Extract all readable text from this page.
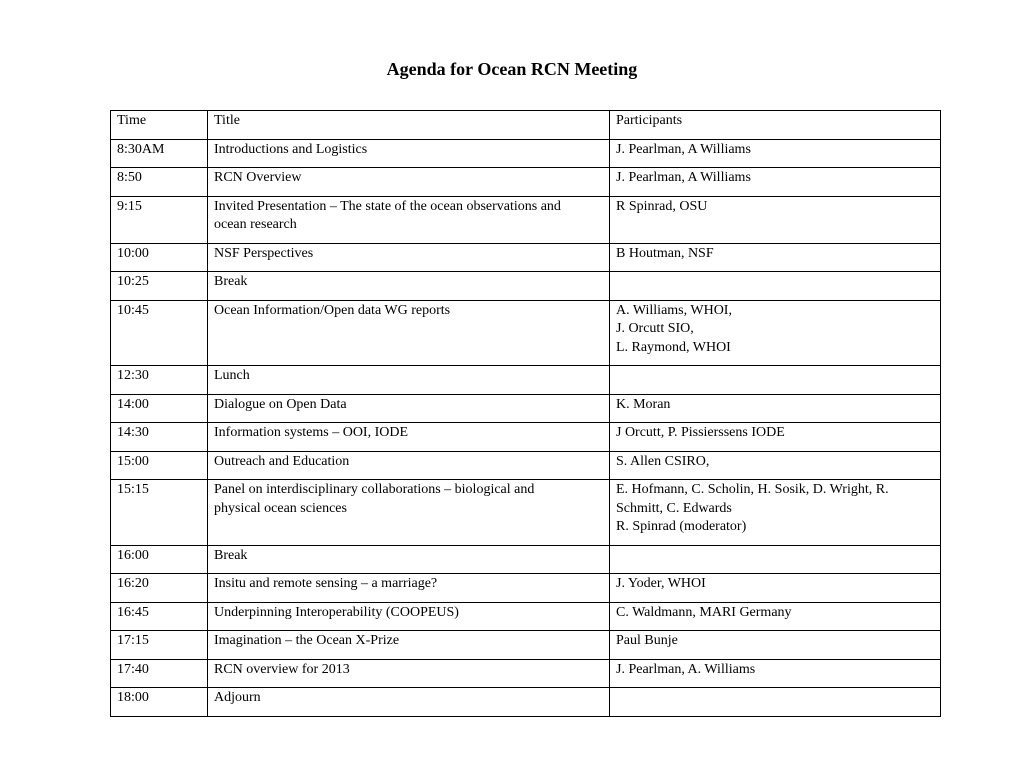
Agenda for Ocean RCN Meeting
Time	Title	Participants
8:30AM	Introductions and Logistics	J. Pearlman, A Williams

8:50	RCN Overview	J. Pearlman, A Williams

9:15	Invited Presentation – The state of the ocean observations and
ocean research	R Spinrad, OSU

10:00	NSF Perspectives	B Houtman, NSF

10:25	Break	

10:45	Ocean Information/Open data WG reports	A. Williams, WHOI,
J. Orcutt SIO,
L. Raymond, WHOI

12:30	Lunch	

14:00	Dialogue on Open Data	K. Moran

14:30	Information systems – OOI, IODE	J Orcutt, P. Pissierssens IODE

15:00	Outreach and Education	S. Allen CSIRO,

15:15	Panel on interdisciplinary collaborations – biological and
physical ocean sciences	E. Hofmann, C. Scholin, H. Sosik, D. Wright, R.
Schmitt, C. Edwards
R. Spinrad (moderator)

16:00	Break	

16:20	Insitu and remote sensing – a marriage?	J. Yoder, WHOI

16:45	Underpinning Interoperability (COOPEUS)	C. Waldmann, MARI Germany

17:15	Imagination – the Ocean X-Prize	Paul Bunje

17:40	RCN overview for 2013	J. Pearlman, A. Williams

18:00	Adjourn	
